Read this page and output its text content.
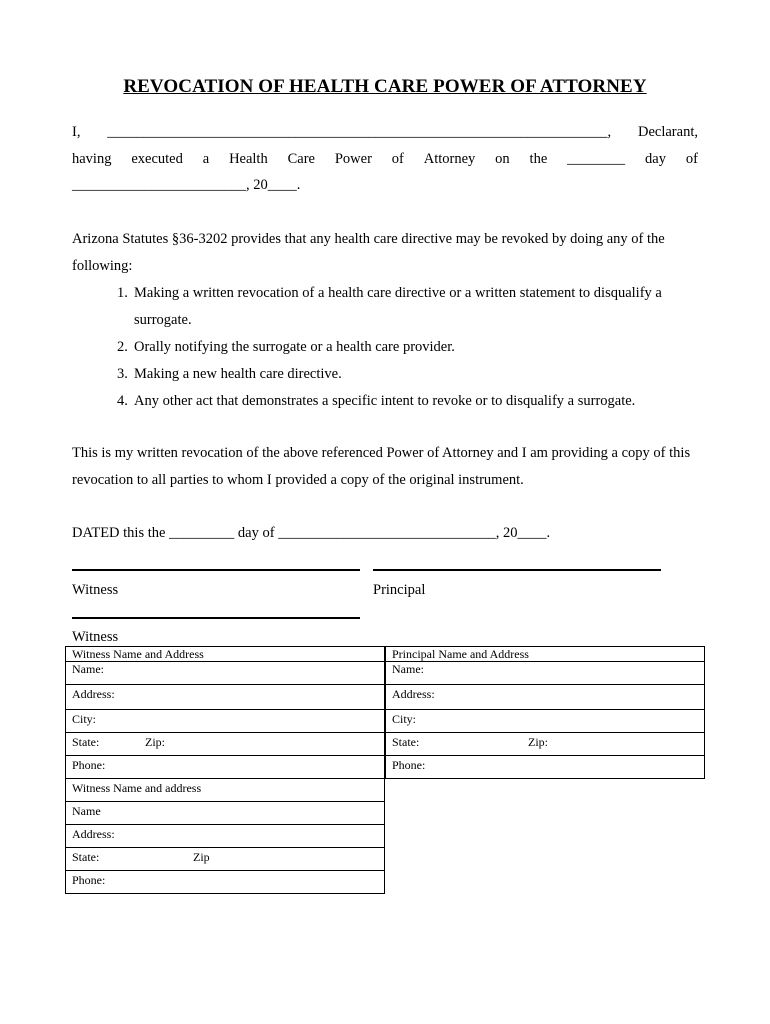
REVOCATION OF HEALTH CARE POWER OF ATTORNEY
I, _____________________________________________________________________, Declarant,
having executed a Health Care Power of Attorney on the ________ day of

________________________, 20____.

Arizona Statutes §36-3202 provides that any health care directive may be revoked by doing any of the following:

1. Making a written revocation of a health care directive or a written statement to disqualify a surrogate.
2. Orally notifying the surrogate or a health care provider.
3. Making a new health care directive.
4. Any other act that demonstrates a specific intent to revoke or to disqualify a surrogate.

This is my written revocation of the above referenced Power of Attorney and I am providing a copy of this revocation to all parties to whom I provided a copy of the original instrument.

DATED this the _________ day of ______________________________, 20____.

Witness	Principal
Witness
Witness Name and Address
Name:
Address:
City:
State:	Zip:
Phone:
Witness Name and address
Name
Address:
State:	Zip
Phone:
Principal Name and Address
Name:
Address:
City:
State:	Zip:
Phone:
